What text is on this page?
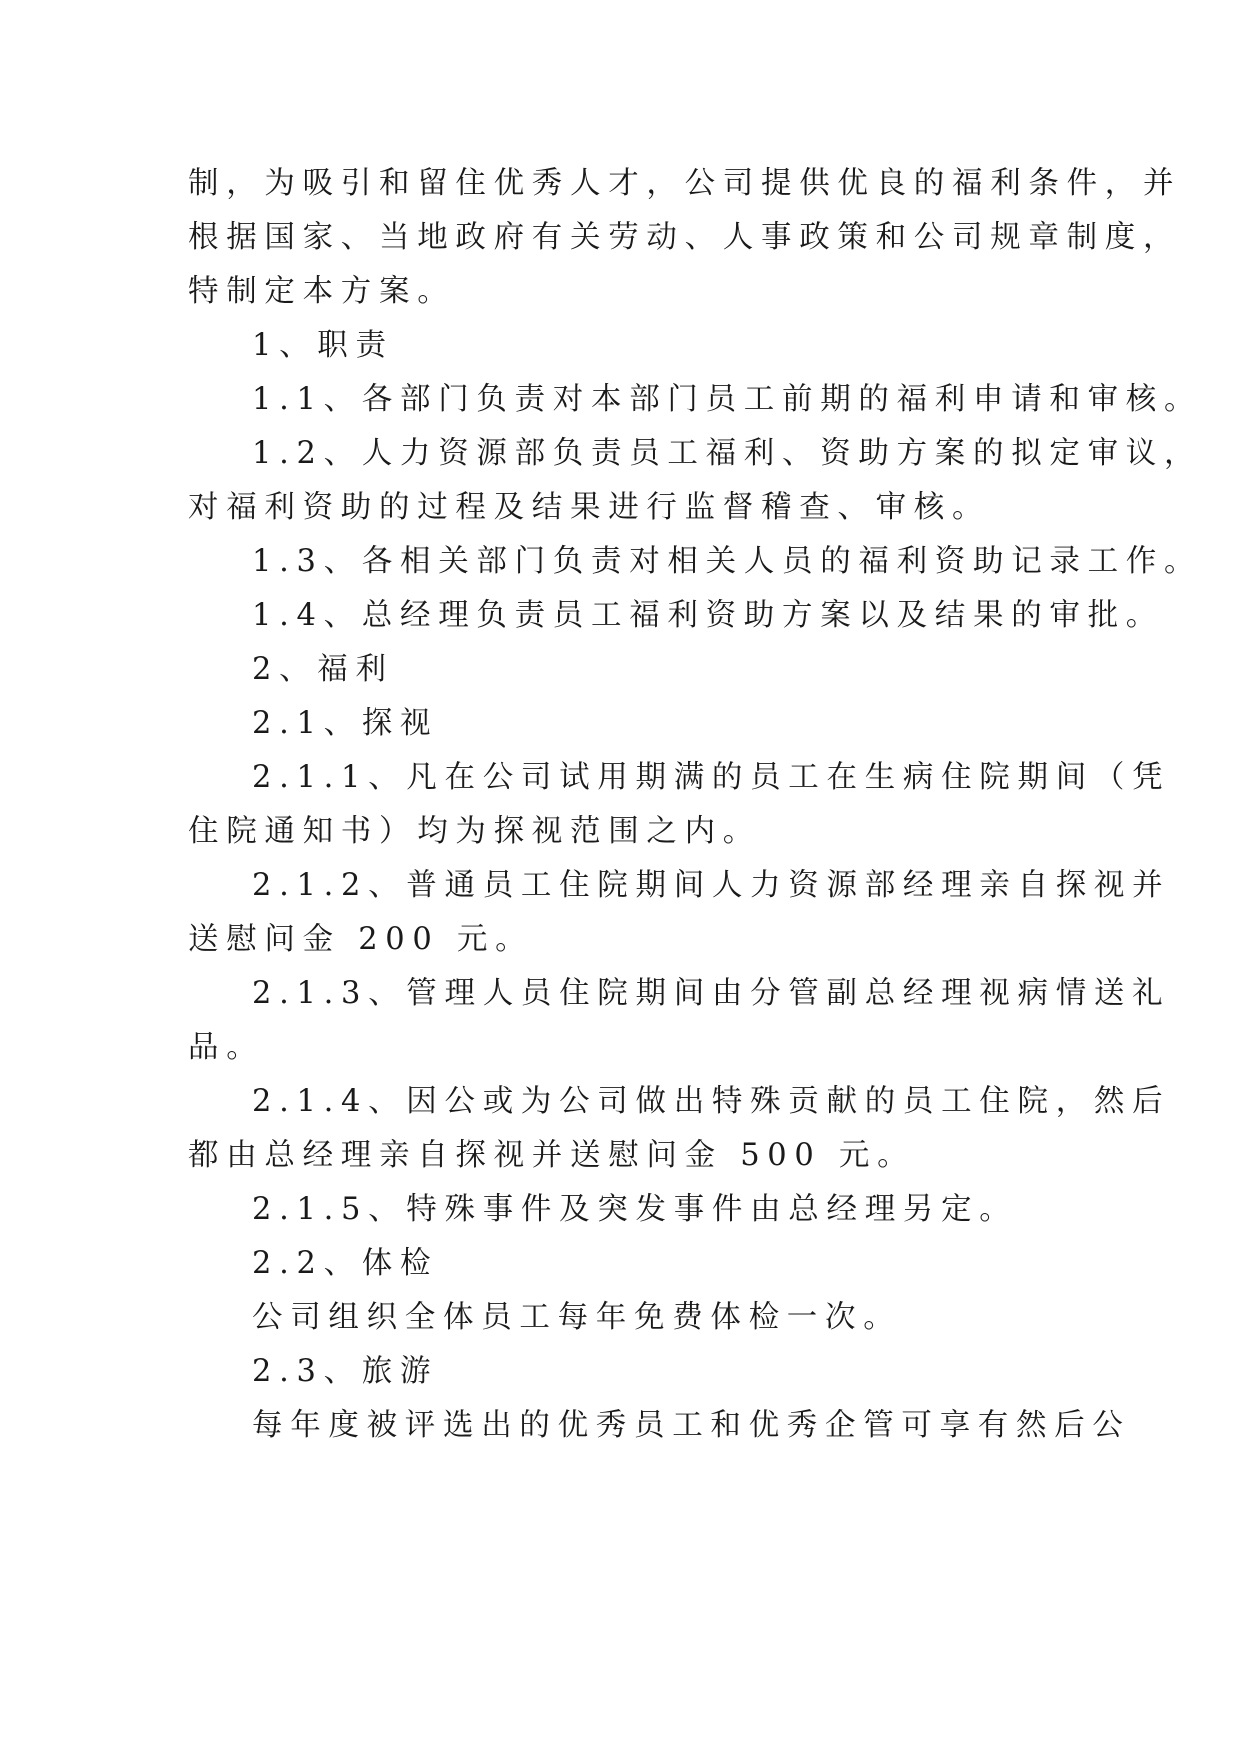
制，为吸引和留住优秀人才，公司提供优良的福利条件，并
根据国家、当地政府有关劳动、人事政策和公司规章制度，
特制定本方案。
1、职责
1.1、各部门负责对本部门员工前期的福利申请和审核。
1.2、人力资源部负责员工福利、资助方案的拟定审议，
对福利资助的过程及结果进行监督稽查、审核。
1.3、各相关部门负责对相关人员的福利资助记录工作。
1.4、总经理负责员工福利资助方案以及结果的审批。
2、福利
2.1、探视
2.1.1、凡在公司试用期满的员工在生病住院期间（凭
住院通知书）均为探视范围之内。
2.1.2、普通员工住院期间人力资源部经理亲自探视并
送慰问金 200 元。
2.1.3、管理人员住院期间由分管副总经理视病情送礼
品。
2.1.4、因公或为公司做出特殊贡献的员工住院，然后
都由总经理亲自探视并送慰问金 500 元。
2.1.5、特殊事件及突发事件由总经理另定。
2.2、体检
公司组织全体员工每年免费体检一次。
2.3、旅游
每年度被评选出的优秀员工和优秀企管可享有然后公
